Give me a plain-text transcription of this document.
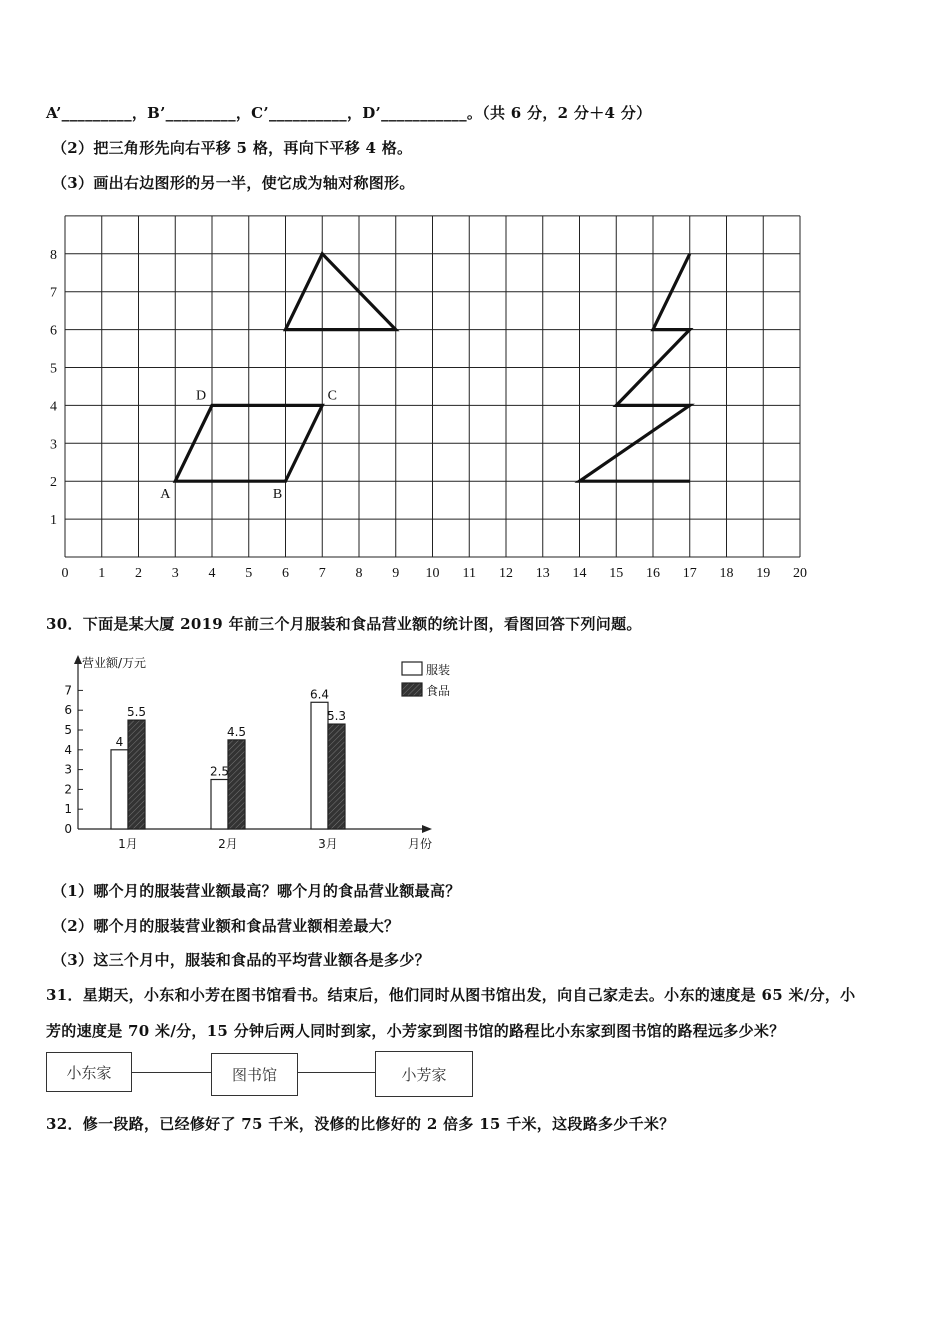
A’_________，B’_________，C’__________，D’___________。（共 6 分，2 分＋4 分）
（2）把三角形先向右平移 5 格，再向下平移 4 格。
（3）画出右边图形的另一半，使它成为轴对称图形。
0 1 2 3 4 5 6 7 8 9 10 11 12 13 14 15 16 17 18 19 20
1
2
3
4
5
6
7
8
A	B
C
D
30．下面是某大厦 2019 年前三个月服装和食品营业额的统计图，看图回答下列问题。
0
1
2
3
4
5
6
7
营业额/万元
月份
4
5.5
1月
2.5
4.5
2月
6.4
5.3
3月
服装
食品
（1）哪个月的服装营业额最高？哪个月的食品营业额最高？
（2）哪个月的服装营业额和食品营业额相差最大？
（3）这三个月中，服装和食品的平均营业额各是多少？
31．星期天，小东和小芳在图书馆看书。结束后，他们同时从图书馆出发，向自己家走去。小东的速度是 65 米/分，小
芳的速度是 70 米/分，15 分钟后两人同时到家，小芳家到图书馆的路程比小东家到图书馆的路程远多少米？
小东家	图书馆	小芳家
32．修一段路，已经修好了 75 千米，没修的比修好的 2 倍多 15 千米，这段路多少千米？
